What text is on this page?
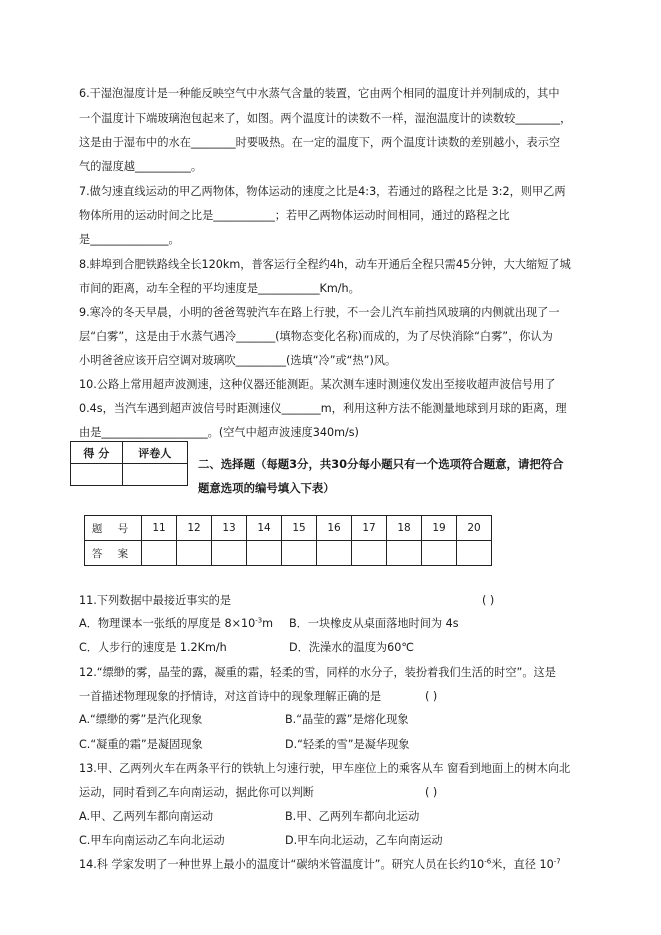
6.干湿泡湿度计是一种能反映空气中水蒸气含量的装置，它由两个相同的温度计并列制成的，其中
一个温度计下端玻璃泡包起来了，如图。两个温度计的读数不一样，湿泡温度计的读数较________，
这是由于湿布中的水在________时要吸热。在一定的温度下，两个温度计读数的差别越小，表示空
气的湿度越__________。
7.做匀速直线运动的甲乙两物体，物体运动的速度之比是4:3，若通过的路程之比是 3:2，则甲乙两
物体所用的运动时间之比是___________；若甲乙两物体运动时间相同，通过的路程之比
是______________。
8.蚌埠到合肥铁路线全长120km，普客运行全程约4h，动车开通后全程只需45分钟，大大缩短了城
市间的距离，动车全程的平均速度是___________Km/h。
9.寒冷的冬天早晨，小明的爸爸驾驶汽车在路上行驶，不一会儿汽车前挡风玻璃的内侧就出现了一
层“白雾”，这是由于水蒸气遇冷_______(填物态变化名称)而成的，为了尽快消除“白雾”，你认为
小明爸爸应该开启空调对玻璃吹_________(选填“冷”或“热”)风。
10.公路上常用超声波测速，这种仪器还能测距。某次测车速时测速仪发出至接收超声波信号用了
0.4s，当汽车遇到超声波信号时距测速仪_______m，利用这种方法不能测量地球到月球的距离，理
由是___________________。(空气中超声波速度340m/s)
得 分	评卷人

二、选择题（每题3分，共30分每小题只有一个选项符合题意，请把符合
题意选项的编号填入下表）
题 号	11	12	13	14	15	16	17	18	19	20
答 案										
11.下列数据中最接近事实的是	( )
A．物理课本一张纸的厚度是 $8\times 10^{-3}m$ B．一块橡皮从桌面落地时间为 4s
C．人步行的速度是 1.2Km/h	D．洗澡水的温度为60℃
12.“缥缈的雾，晶莹的露，凝重的霜，轻柔的雪，同样的水分子，装扮着我们生活的时空”。这是
一首描述物理现象的抒情诗，对这首诗中的现象理解正确的是	( )
A.“缥缈的雾”是汽化现象	B.“晶莹的露”是熔化现象
C.“凝重的霜”是凝固现象	D.“轻柔的雪”是凝华现象
13.甲、乙两列火车在两条平行的铁轨上匀速行驶，甲车座位上的乘客从车 窗看到地面上的树木向北
运动，同时看到乙车向南运动，据此你可以判断	( )
A.甲、乙两列车都向南运动	B.甲、乙两列车都向北运动
C.甲车向南运动乙车向北运动	D.甲车向北运动，乙车向南运动
14.科 学家发明了一种世界上最小的温度计“碳纳米管温度计”。研究人员在长约$10^{-6}$米，直径 $10^{-7}$
